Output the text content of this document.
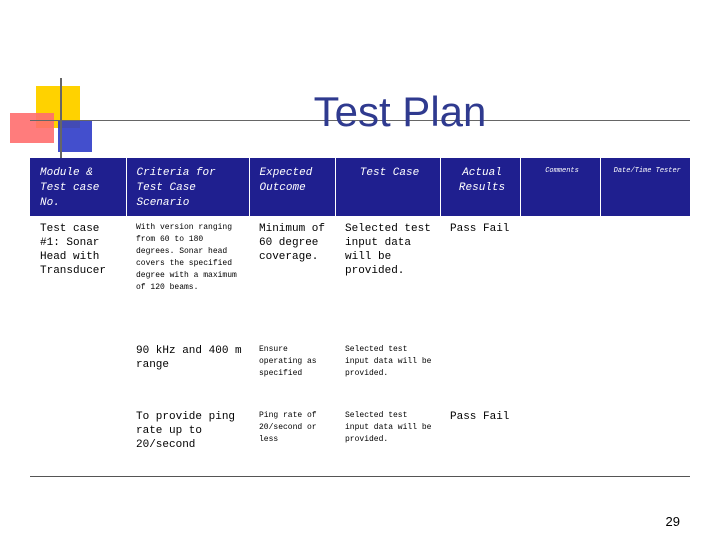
Test Plan
Module & Test case No.	Criteria for Test Case Scenario	Expected Outcome	Test Case	Actual Results	Comments	Date/Time Tester
Test case #1: Sonar Head with Transducer	With version ranging from 60 to 180 degrees. Sonar head covers the specified degree with a maximum of 120 beams.	Minimum of 60 degree coverage.	Selected test input data will be provided.	Pass Fail		
	90 kHz and 400 m range	Ensure operating as specified	Selected test input data will be provided.			
	To provide ping rate up to 20/second	Ping rate of 20/second or less	Selected test input data will be provided.	Pass Fail		
29
